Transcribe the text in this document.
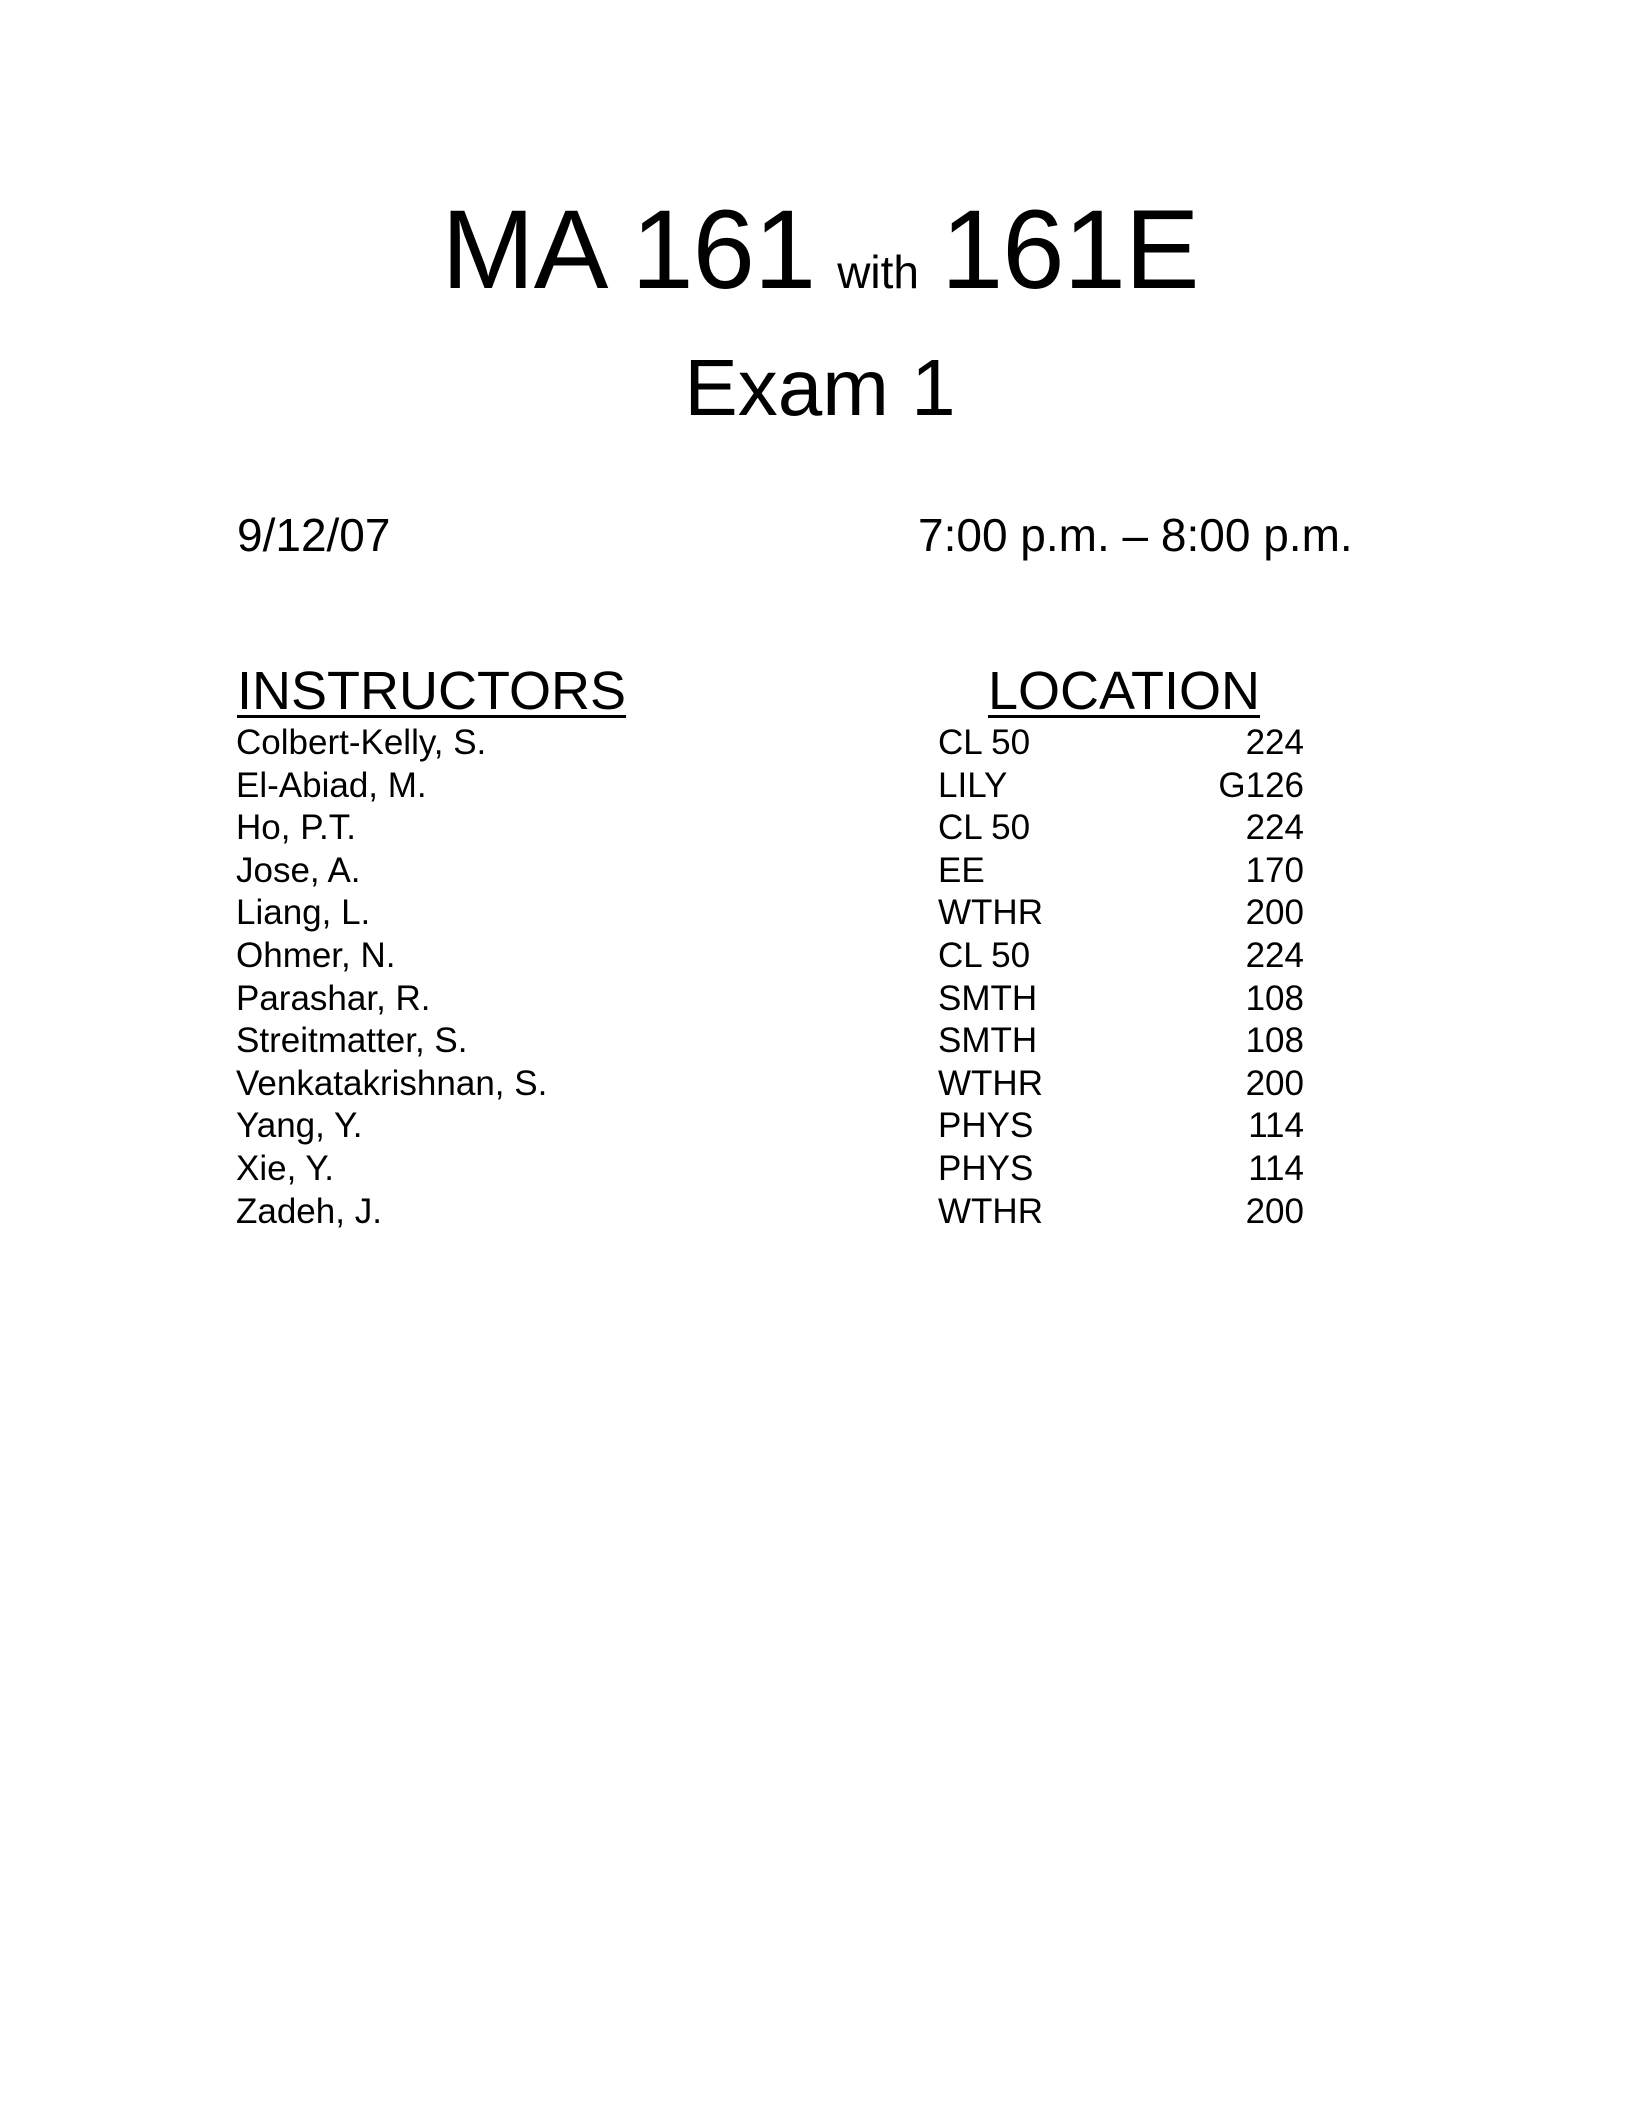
MA 161 with 161E
Exam 1
9/12/07	7:00 p.m. – 8:00 p.m.
INSTRUCTORS	LOCATION
Colbert-Kelly, S.	CL 50	224
El-Abiad, M.	LILY	G126
Ho, P.T.	CL 50	224
Jose, A.	EE	170
Liang, L.	WTHR	200
Ohmer, N.	CL 50	224
Parashar, R.	SMTH	108
Streitmatter, S.	SMTH	108
Venkatakrishnan, S.	WTHR	200
Yang, Y.	PHYS	114
Xie, Y.	PHYS	114
Zadeh, J.	WTHR	200
